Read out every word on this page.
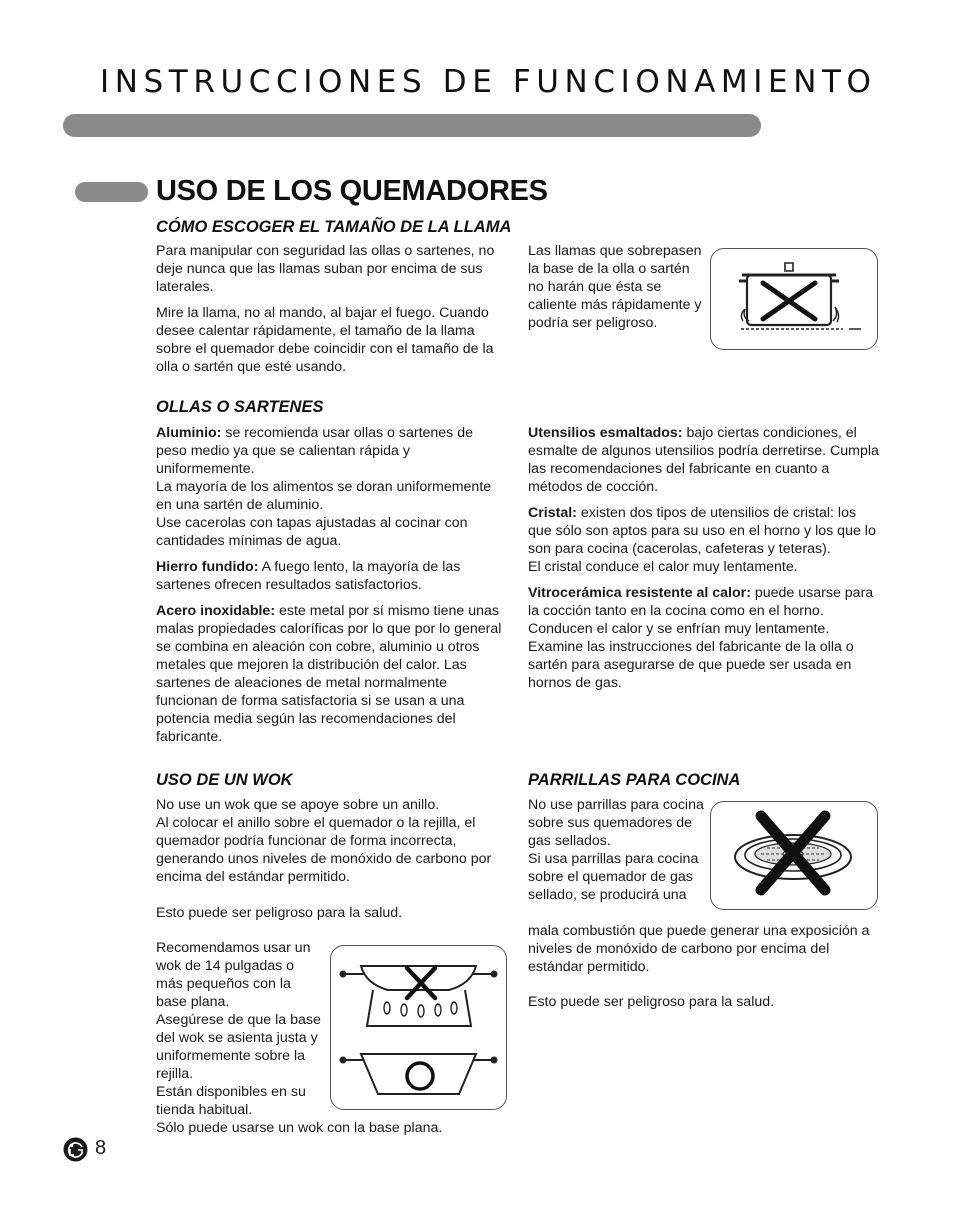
INSTRUCCIONES DE FUNCIONAMIENTO
USO DE LOS QUEMADORES
CÓMO ESCOGER EL TAMAÑO DE LA LLAMA

Para manipular con seguridad las ollas o sartenes, no deje nunca que las llamas suban por encima de sus laterales.

Mire la llama, no al mando, al bajar el fuego. Cuando desee calentar rápidamente, el tamaño de la llama sobre el quemador debe coincidir con el tamaño de la olla o sartén que esté usando.

Las llamas que sobrepasen la base de la olla o sartén no harán que ésta se caliente más rápidamente y podría ser peligroso.
OLLAS O SARTENES

Aluminio: se recomienda usar ollas o sartenes de peso medio ya que se calientan rápida y uniformemente.
La mayoría de los alimentos se doran uniformemente en una sartén de aluminio.
Use cacerolas con tapas ajustadas al cocinar con cantidades mínimas de agua.

Hierro fundido: A fuego lento, la mayoría de las sartenes ofrecen resultados satisfactorios.

Acero inoxidable: este metal por sí mismo tiene unas malas propiedades caloríficas por lo que por lo general se combina en aleación con cobre, aluminio u otros metales que mejoren la distribución del calor. Las sartenes de aleaciones de metal normalmente funcionan de forma satisfactoria si se usan a una potencia media según las recomendaciones del fabricante.

Utensilios esmaltados: bajo ciertas condiciones, el esmalte de algunos utensilios podría derretirse. Cumpla las recomendaciones del fabricante en cuanto a métodos de cocción.

Cristal: existen dos tipos de utensilios de cristal: los que sólo son aptos para su uso en el horno y los que lo son para cocina (cacerolas, cafeteras y teteras).
El cristal conduce el calor muy lentamente.

Vitrocerámica resistente al calor: puede usarse para la cocción tanto en la cocina como en el horno. Conducen el calor y se enfrían muy lentamente. Examine las instrucciones del fabricante de la olla o sartén para asegurarse de que puede ser usada en hornos de gas.

USO DE UN WOK
No use un wok que se apoye sobre un anillo.
Al colocar el anillo sobre el quemador o la rejilla, el quemador podría funcionar de forma incorrecta, generando unos niveles de monóxido de carbono por encima del estándar permitido.
Esto puede ser peligroso para la salud.
Recomendamos usar un wok de 14 pulgadas o más pequeños con la base plana.
Asegúrese de que la base del wok se asienta justa y uniformemente sobre la rejilla.
Están disponibles en su tienda habitual.
Sólo puede usarse un wok con la base plana.
PARRILLAS PARA COCINA
No use parrillas para cocina sobre sus quemadores de gas sellados.
Si usa parrillas para cocina sobre el quemador de gas sellado, se producirá una
mala combustión que puede generar una exposición a niveles de monóxido de carbono por encima del estándar permitido.
Esto puede ser peligroso para la salud.
8
